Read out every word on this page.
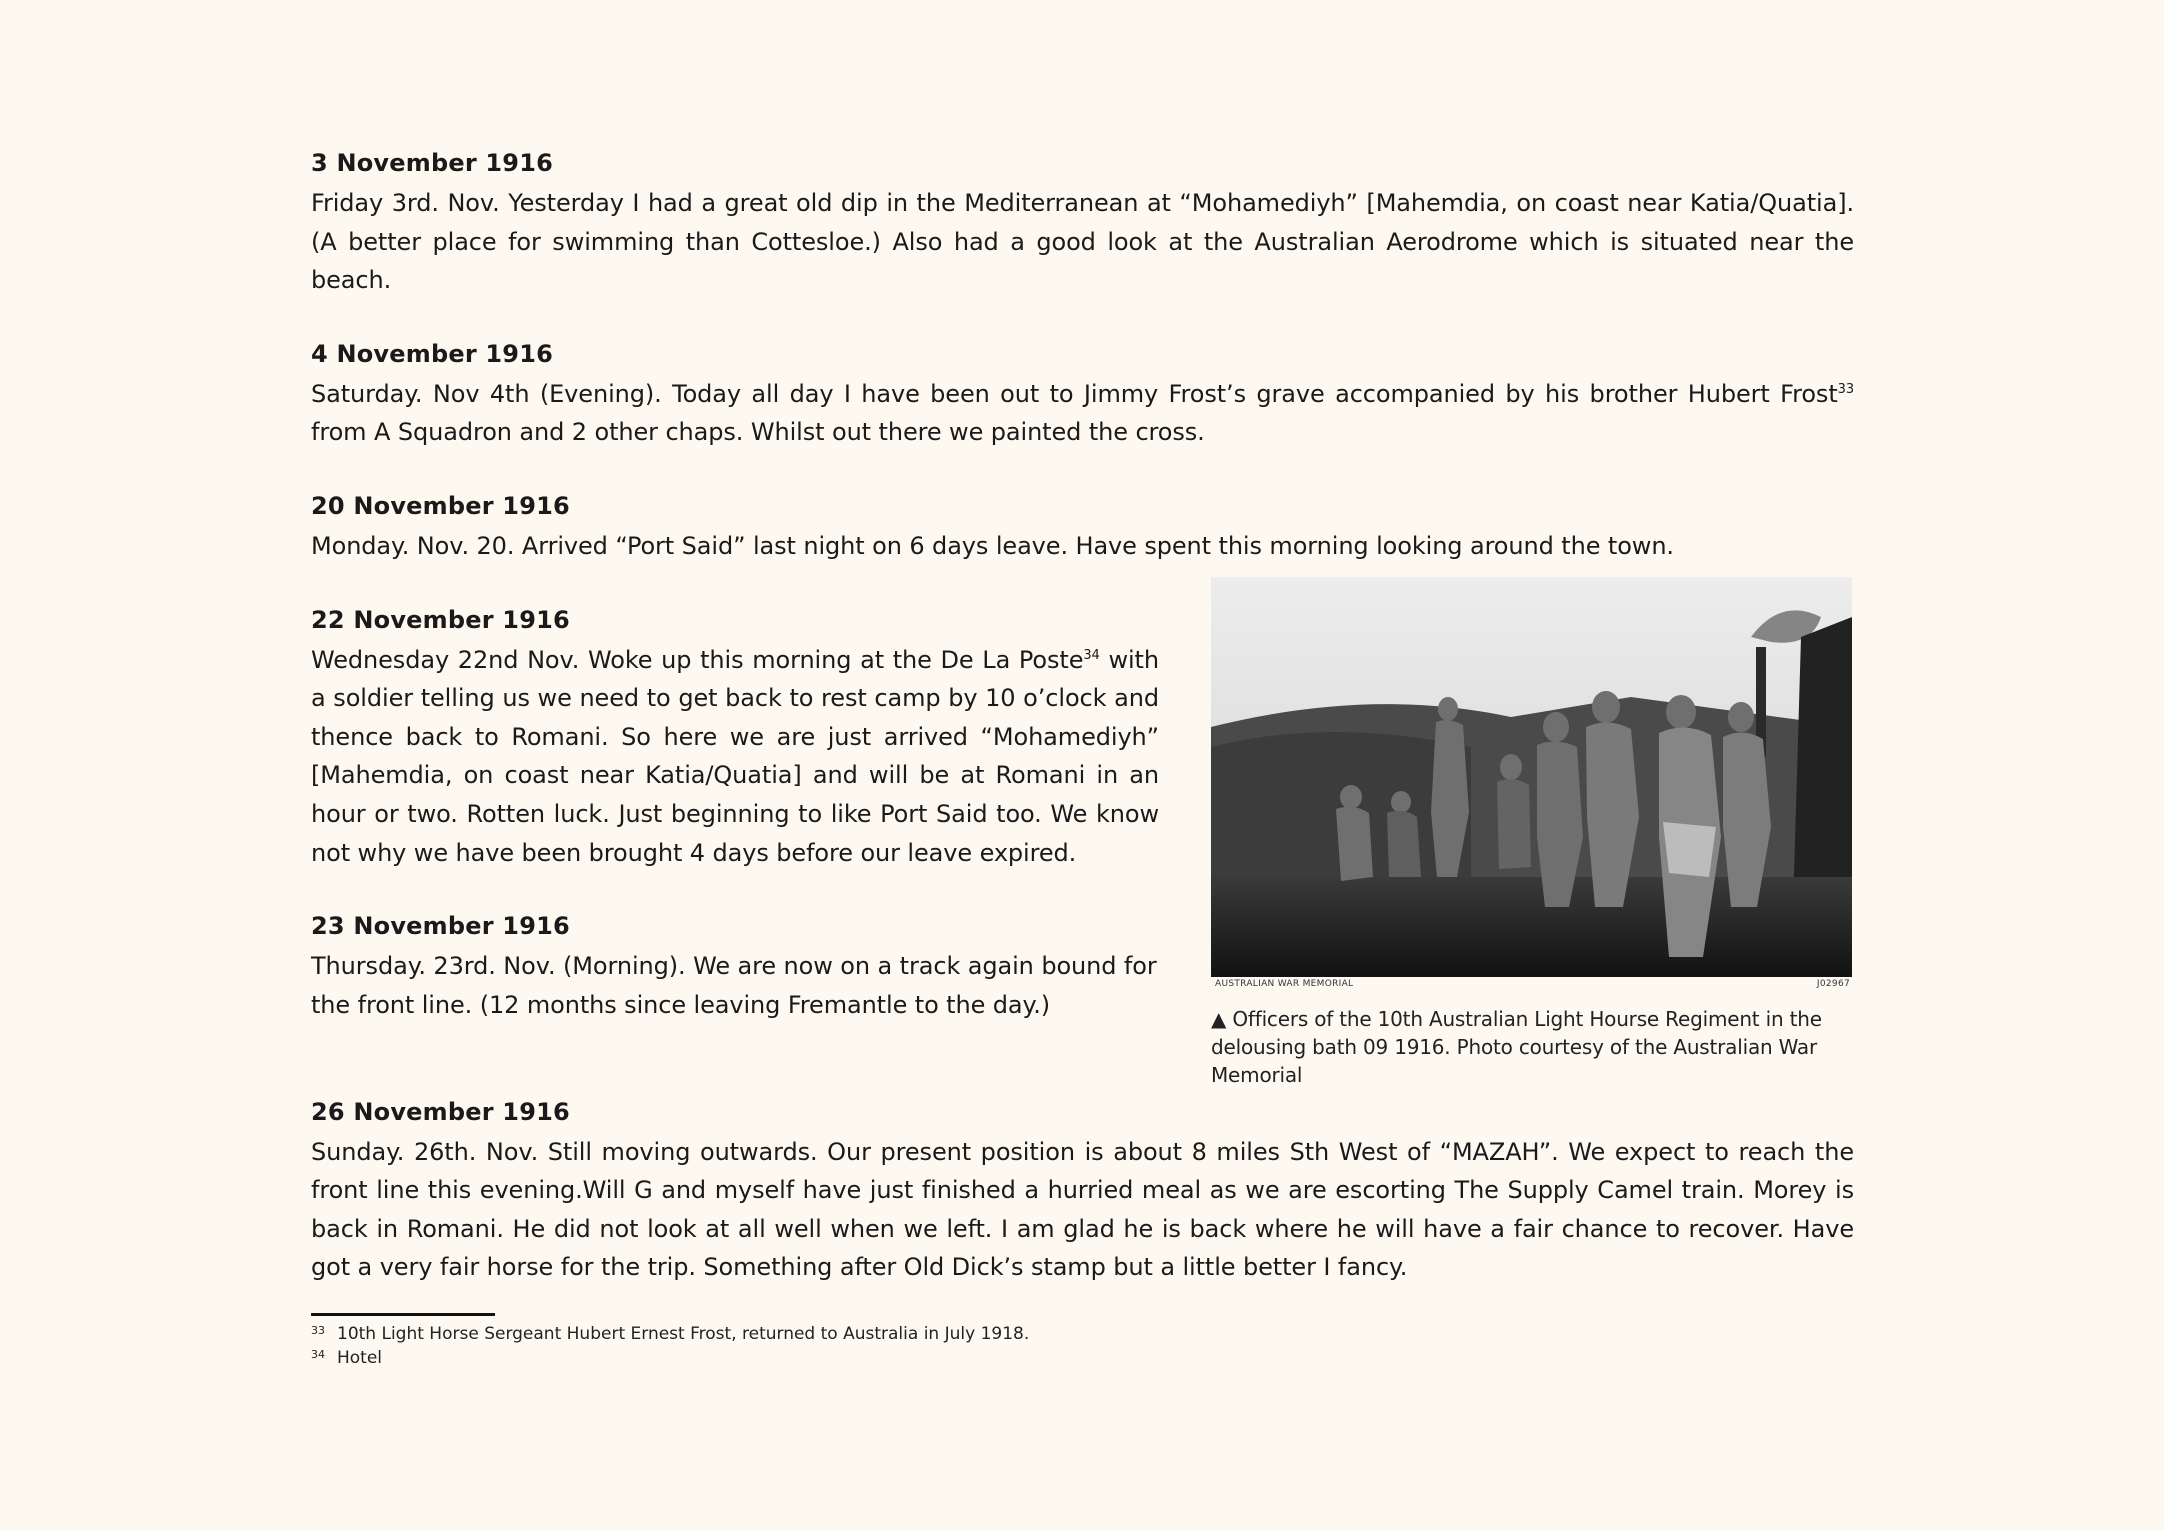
3 November 1916

Friday 3rd. Nov. Yesterday I had a great old dip in the Mediterranean at “Mohamediyh” [Mahemdia, on coast near Katia/Quatia]. (A better place for swimming than Cottesloe.) Also had a good look at the Australian Aerodrome which is situated near the beach.

4 November 1916

Saturday. Nov 4th (Evening). Today all day I have been out to Jimmy Frost’s grave accompanied by his brother Hubert Frost$^{33}$ from A Squadron and 2 other chaps. Whilst out there we painted the cross.

20 November 1916

Monday. Nov. 20. Arrived “Port Said” last night on 6 days leave. Have spent this morning looking around the town.

22 November 1916

Wednesday 22nd Nov. Woke up this morning at the De La Poste$^{34}$ with a soldier telling us we need to get back to rest camp by 10 o’clock and thence back to Romani. So here we are just arrived “Mohamediyh” [Mahemdia, on coast near Katia/Quatia] and will be at Romani in an hour or two. Rotten luck. Just beginning to like Port Said too. We know not why we have been brought 4 days before our leave expired.

23 November 1916

Thursday. 23rd. Nov. (Morning). We are now on a track again bound for the front line. (12 months since leaving Fremantle to the day.)

AUSTRALIAN WAR MEMORIAL	J02967
▲ Officers of the 10th Australian Light Hourse Regiment in the delousing bath 09 1916. Photo courtesy of the Australian War Memorial
26 November 1916

Sunday. 26th. Nov. Still moving outwards. Our present position is about 8 miles Sth West of “MAZAH”. We expect to reach the front line this evening.Will G and myself have just finished a hurried meal as we are escorting The Supply Camel train. Morey is back in Romani. He did not look at all well when we left. I am glad he is back where he will have a fair chance to recover. Have got a very fair horse for the trip. Something after Old Dick’s stamp but a little better I fancy.

33 10th Light Horse Sergeant Hubert Ernest Frost, returned to Australia in July 1918.
34 Hotel
